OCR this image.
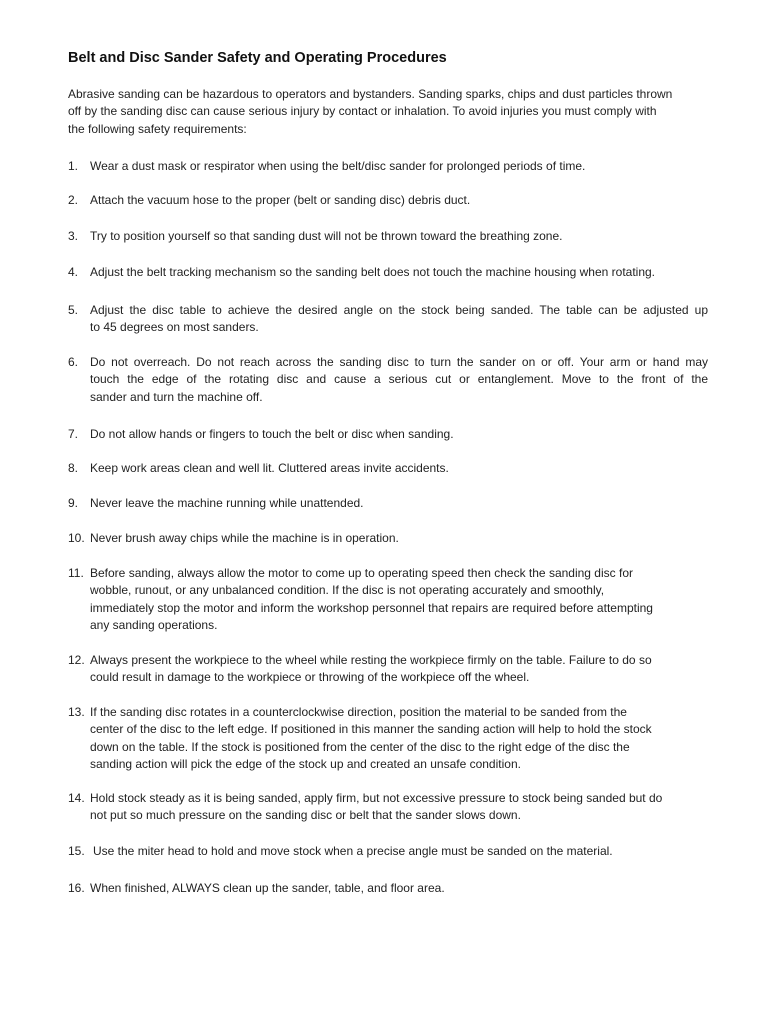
Belt and Disc Sander Safety and Operating Procedures

Abrasive sanding can be hazardous to operators and bystanders. Sanding sparks, chips and dust particles thrown
off by the sanding disc can cause serious injury by contact or inhalation. To avoid injuries you must comply with
the following safety requirements:

1. Wear a dust mask or respirator when using the belt/disc sander for prolonged periods of time.
2. Attach the vacuum hose to the proper (belt or sanding disc) debris duct.
3. Try to position yourself so that sanding dust will not be thrown toward the breathing zone.
4. Adjust the belt tracking mechanism so the sanding belt does not touch the machine housing when rotating.
5. Adjust the disc table to achieve the desired angle on the stock being sanded. The table can be adjusted up
to 45 degrees on most sanders.
6. Do not overreach. Do not reach across the sanding disc to turn the sander on or off. Your arm or hand may
touch the edge of the rotating disc and cause a serious cut or entanglement. Move to the front of the
sander and turn the machine off.
7. Do not allow hands or fingers to touch the belt or disc when sanding.
8. Keep work areas clean and well lit. Cluttered areas invite accidents.
9. Never leave the machine running while unattended.
10. Never brush away chips while the machine is in operation.
11. Before sanding, always allow the motor to come up to operating speed then check the sanding disc for
wobble, runout, or any unbalanced condition. If the disc is not operating accurately and smoothly,
immediately stop the motor and inform the workshop personnel that repairs are required before attempting
any sanding operations.
12. Always present the workpiece to the wheel while resting the workpiece firmly on the table. Failure to do so
could result in damage to the workpiece or throwing of the workpiece off the wheel.
13. If the sanding disc rotates in a counterclockwise direction, position the material to be sanded from the
center of the disc to the left edge. If positioned in this manner the sanding action will help to hold the stock
down on the table. If the stock is positioned from the center of the disc to the right edge of the disc the
sanding action will pick the edge of the stock up and created an unsafe condition.
14. Hold stock steady as it is being sanded, apply firm, but not excessive pressure to stock being sanded but do
not put so much pressure on the sanding disc or belt that the sander slows down.
15. Use the miter head to hold and move stock when a precise angle must be sanded on the material.
16. When finished, ALWAYS clean up the sander, table, and floor area.
